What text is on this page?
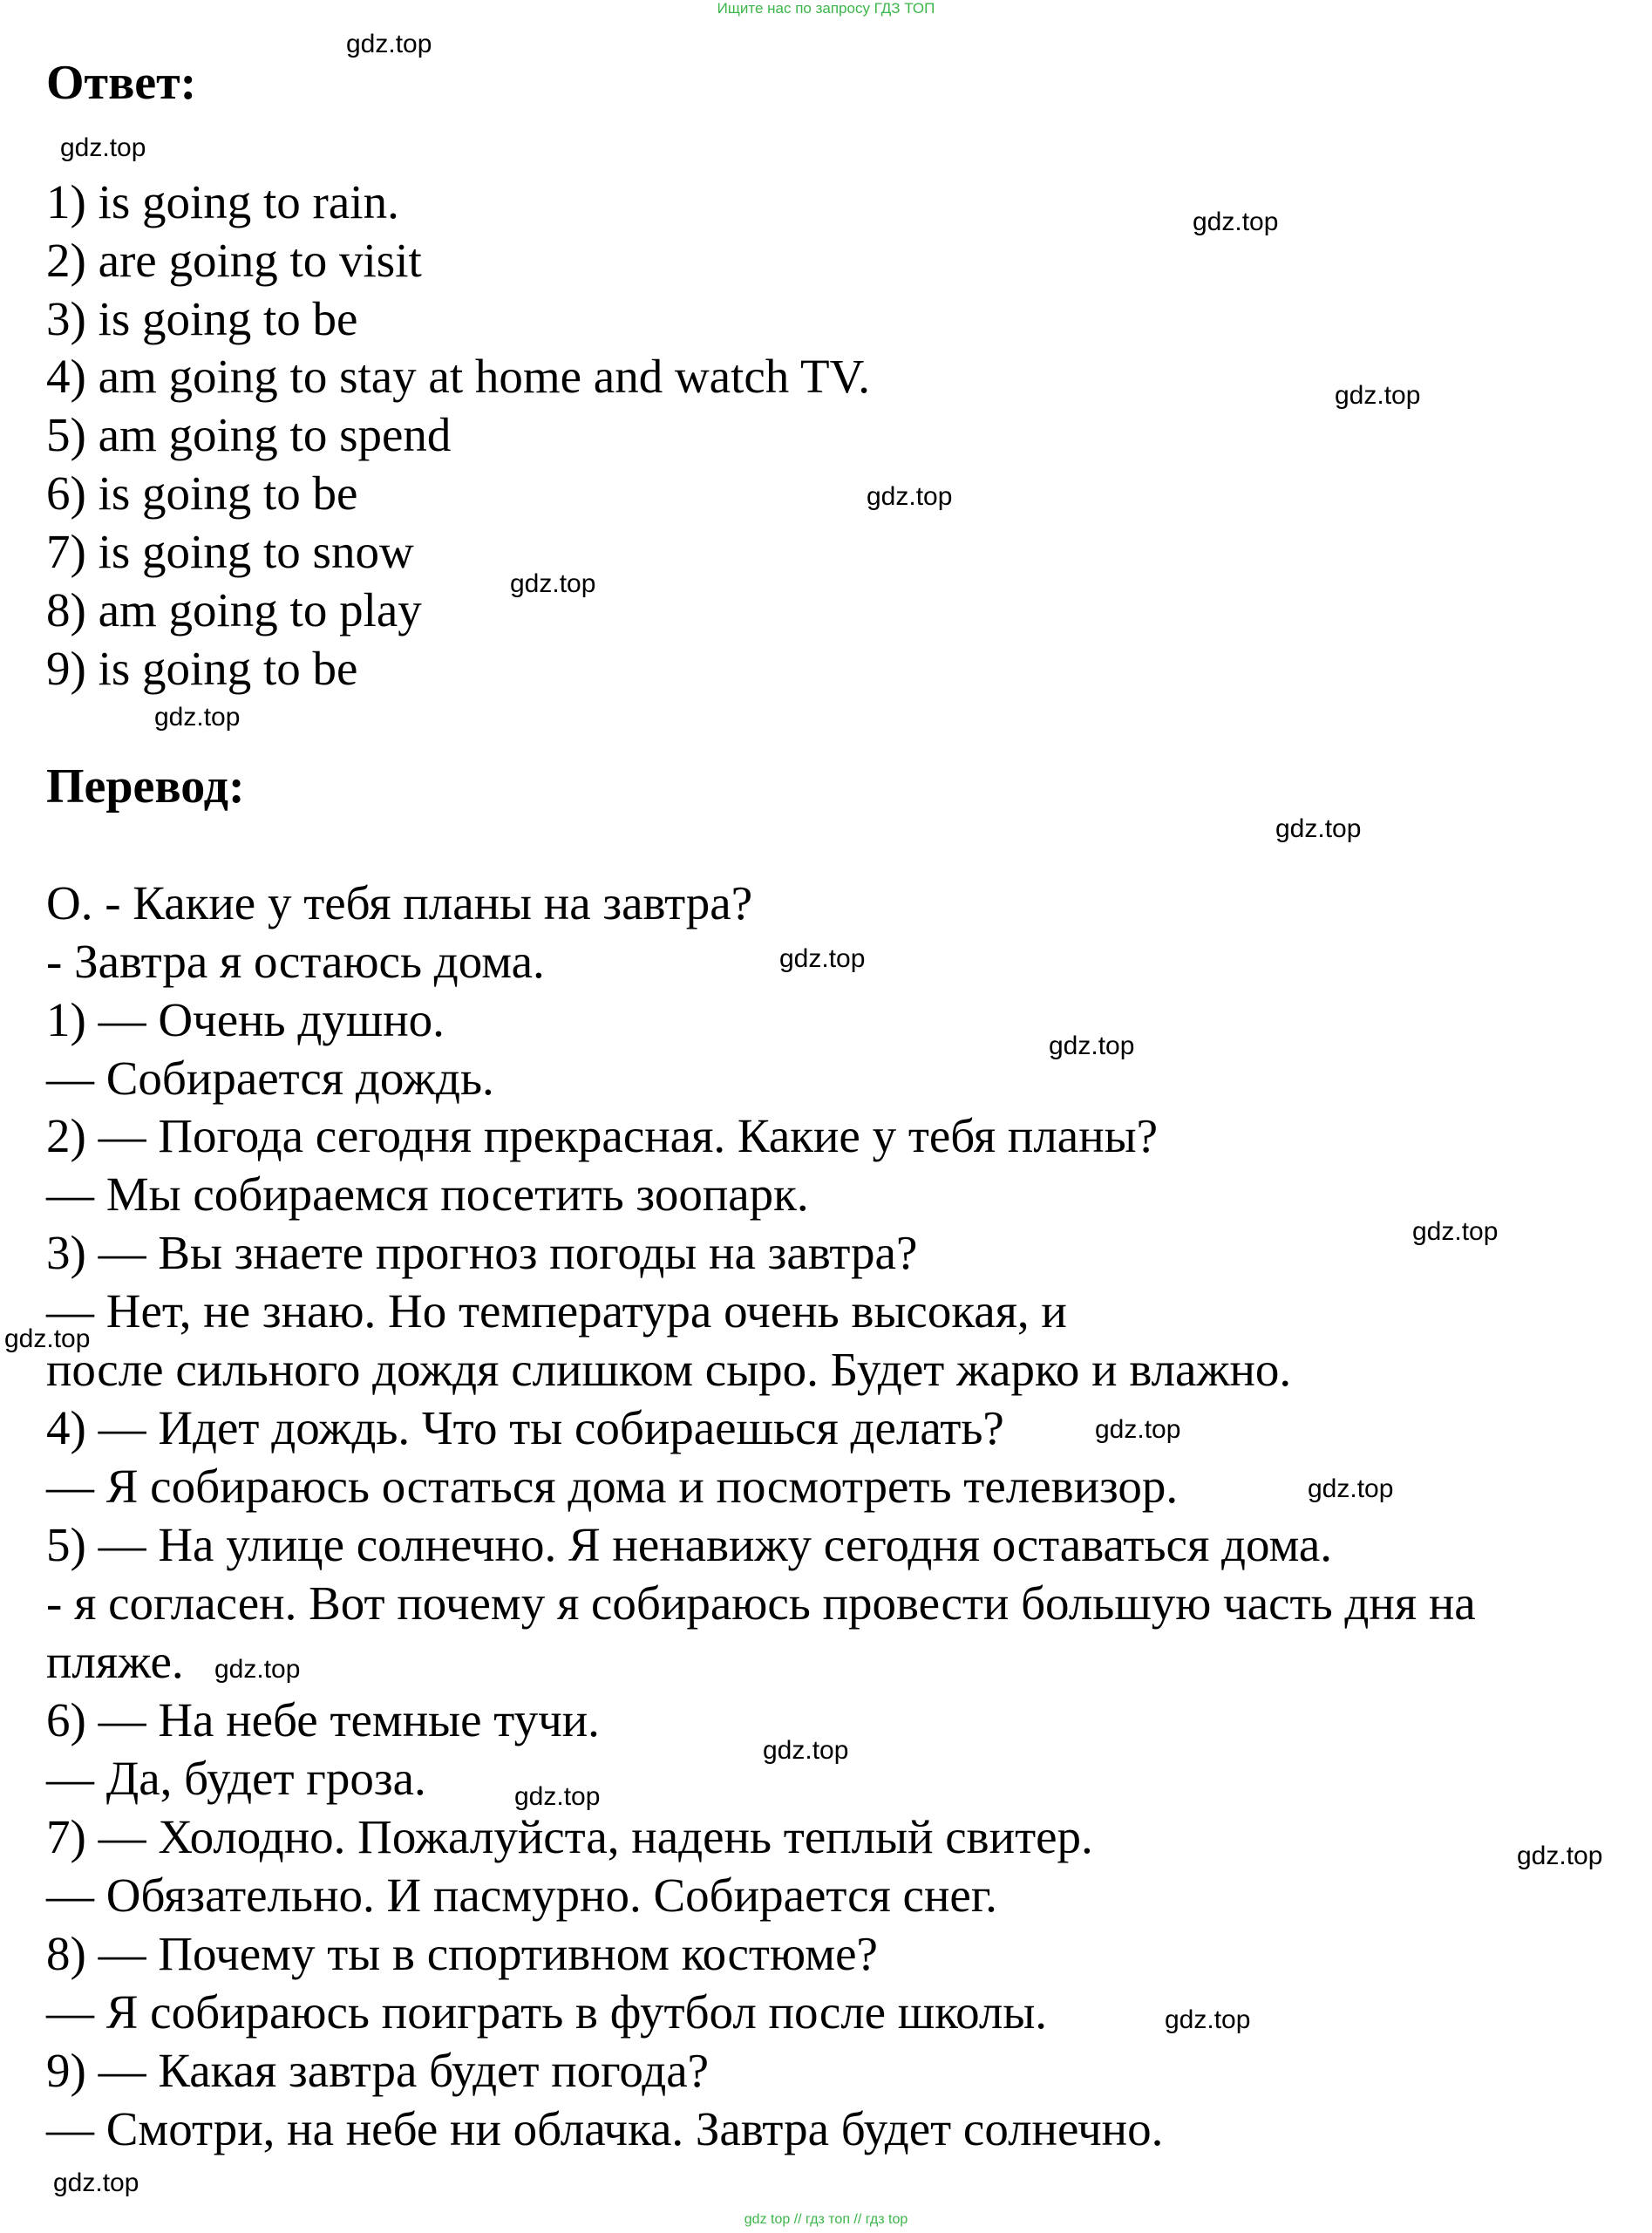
Ищите нас по запросу ГДЗ ТОП
Ответ:
1) is going to rain.
2) are going to visit
3) is going to be
4) am going to stay at home and watch TV.
5) am going to spend
6) is going to be
7) is going to snow
8) am going to play
9) is going to be
Перевод:
О. - Какие у тебя планы на завтра?
- Завтра я остаюсь дома.
1) — Очень душно.
— Собирается дождь.
2) — Погода сегодня прекрасная. Какие у тебя планы?
— Мы собираемся посетить зоопарк.
3) — Вы знаете прогноз погоды на завтра?
— Нет, не знаю. Но температура очень высокая, и
после сильного дождя слишком сыро. Будет жарко и влажно.
4) — Идет дождь. Что ты собираешься делать?
— Я собираюсь остаться дома и посмотреть телевизор.
5) — На улице солнечно. Я ненавижу сегодня оставаться дома.
- я согласен. Вот почему я собираюсь провести большую часть дня на
пляже.
6) — На небе темные тучи.
— Да, будет гроза.
7) — Холодно. Пожалуйста, надень теплый свитер.
— Обязательно. И пасмурно. Собирается снег.
8) — Почему ты в спортивном костюме?
— Я собираюсь поиграть в футбол после школы.
9) — Какая завтра будет погода?
— Смотри, на небе ни облачка. Завтра будет солнечно.
gdz.top
gdz.top
gdz.top
gdz.top
gdz.top
gdz.top
gdz.top
gdz.top
gdz.top
gdz.top
gdz.top
gdz.top
gdz.top
gdz.top
gdz.top
gdz.top
gdz.top
gdz.top
gdz.top
gdz.top
gdz top // гдз топ // гдз top
